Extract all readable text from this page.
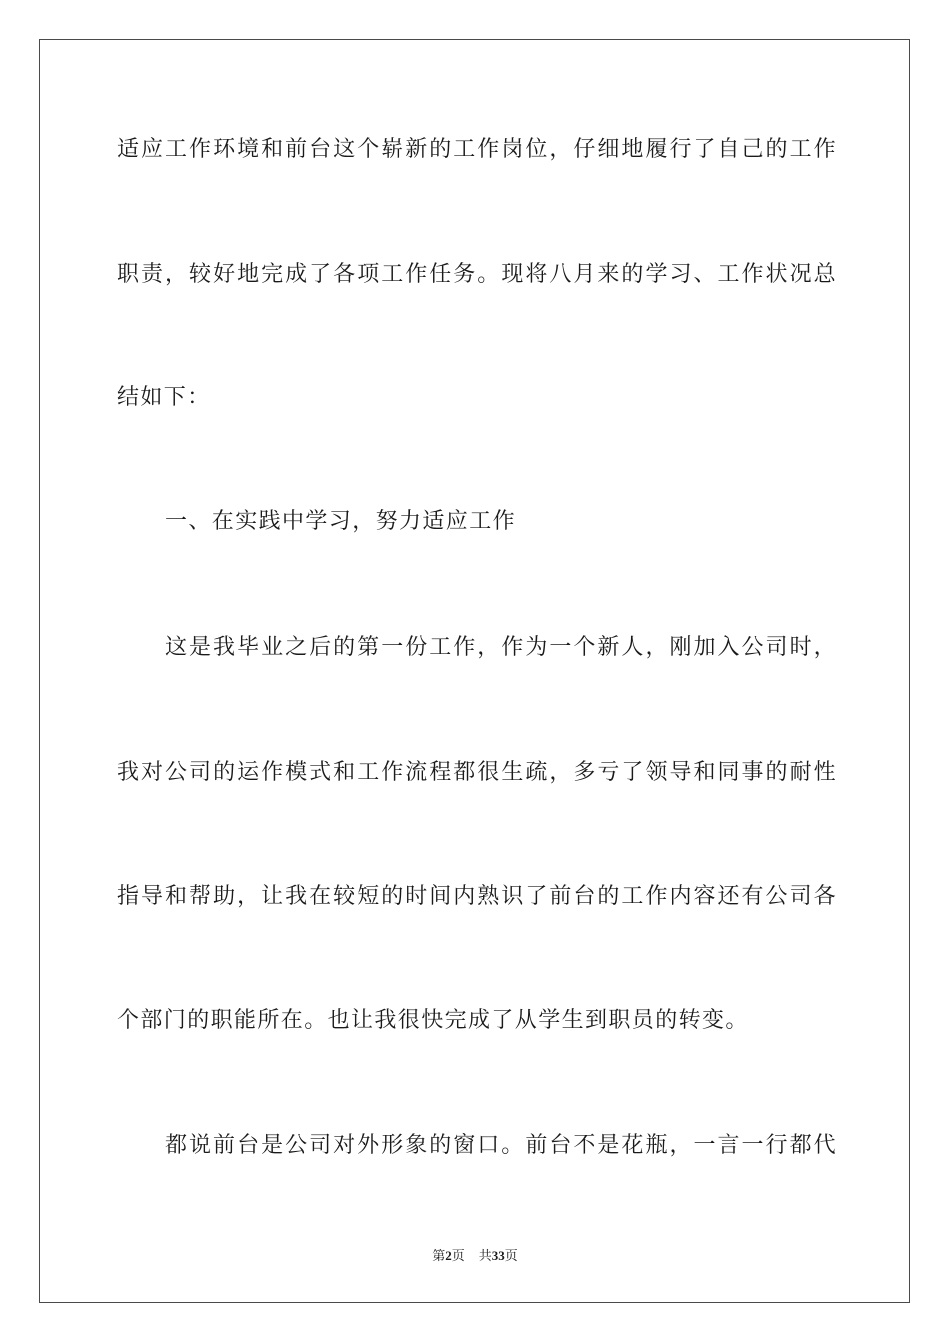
适应工作环境和前台这个崭新的工作岗位，仔细地履行了自己的工作
职责，较好地完成了各项工作任务。现将八月来的学习、工作状况总
结如下：
一、在实践中学习，努力适应工作
这是我毕业之后的第一份工作，作为一个新人，刚加入公司时，
我对公司的运作模式和工作流程都很生疏，多亏了领导和同事的耐性
指导和帮助，让我在较短的时间内熟识了前台的工作内容还有公司各
个部门的职能所在。也让我很快完成了从学生到职员的转变。
都说前台是公司对外形象的窗口。前台不是花瓶，一言一行都代
第2页 共33页
